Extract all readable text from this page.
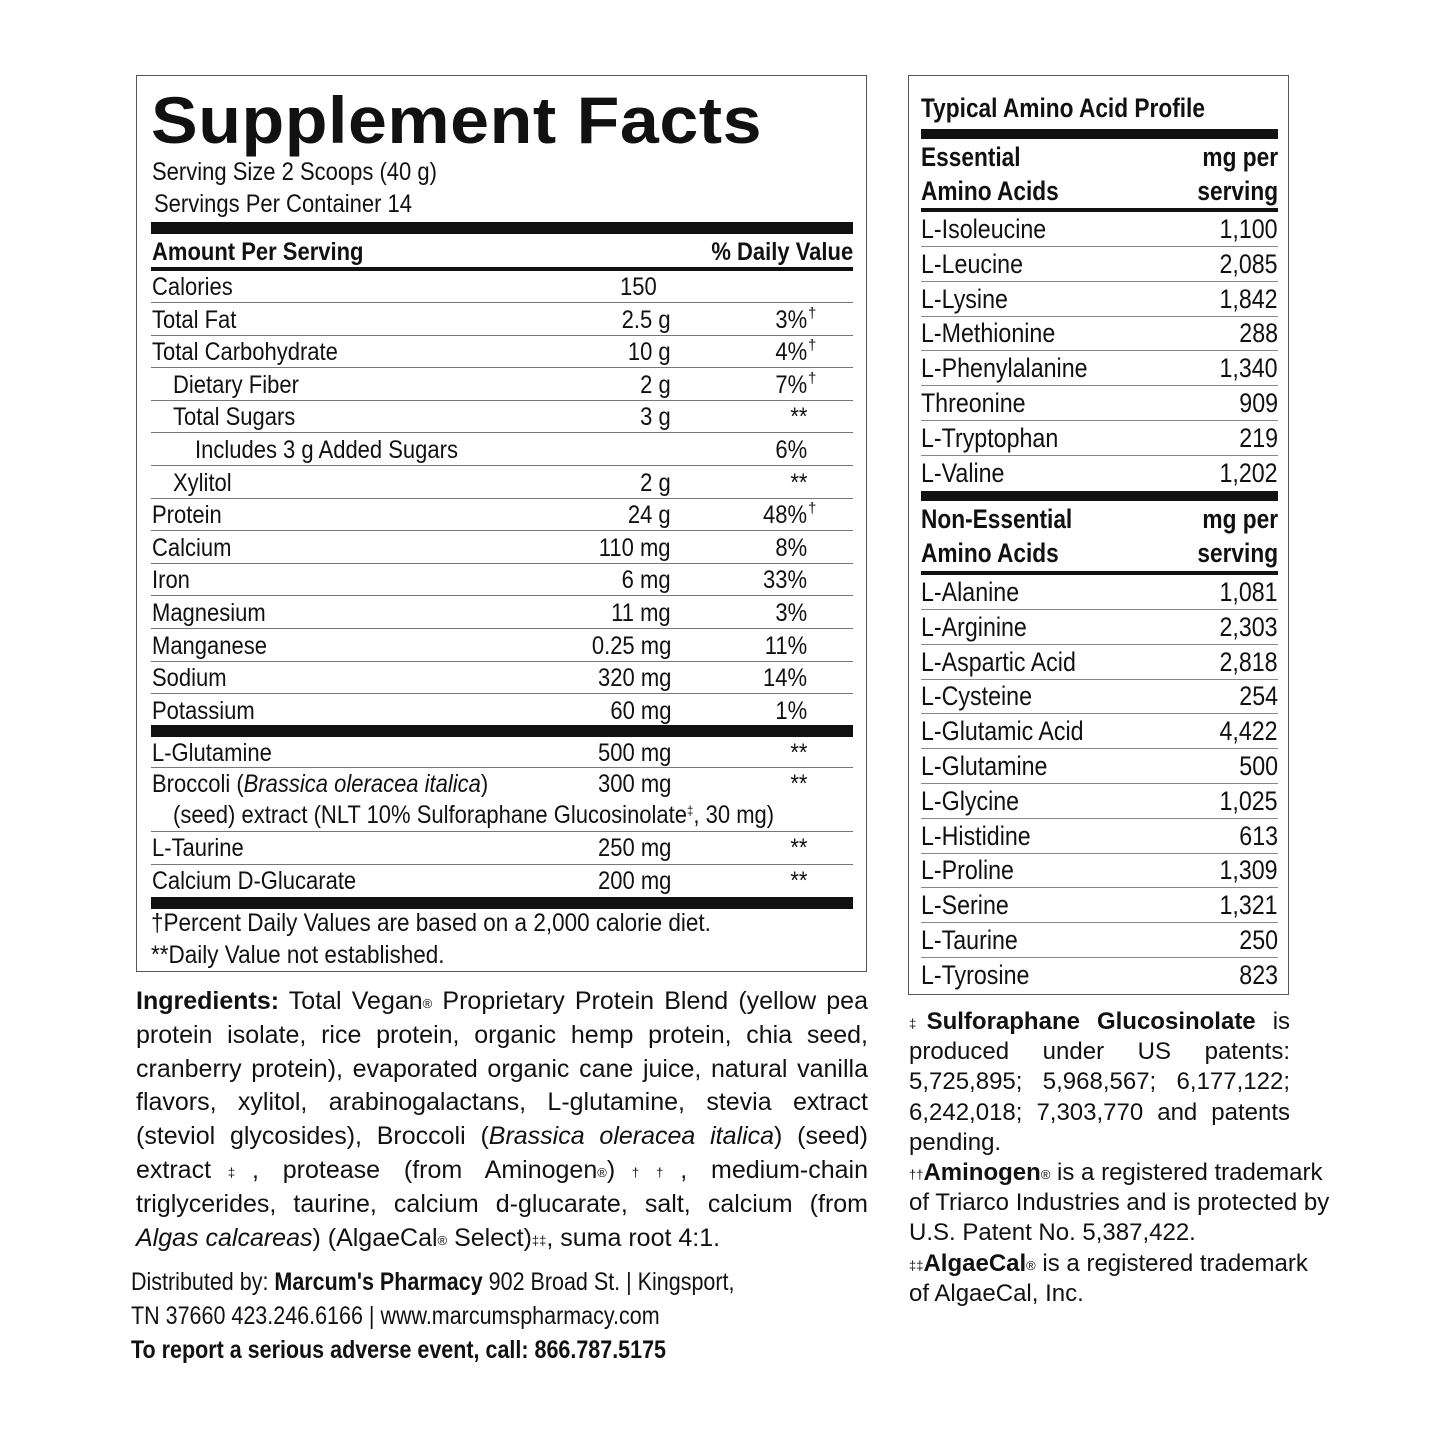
Supplement Facts
Serving Size 2 Scoops (40 g)
Servings Per Container 14
Amount Per Serving	% Daily Value
Calories	150
Total Fat	2.5 g	3% †
Total Carbohydrate	10 g	4% †
Dietary Fiber	2 g	7% †
Total Sugars	3 g	**
Includes 3 g Added Sugars	6%
Xylitol	2 g	**
Protein	24 g	48% †
Calcium	110 mg	8%
Iron	6 mg	33%
Magnesium	11 mg	3%
Manganese	0.25 mg	11%
Sodium	320 mg	14%
Potassium	60 mg	1%
L-Glutamine	500 mg	**
Broccoli (Brassica oleracea italica)	300 mg	**
(seed) extract (NLT 10% Sulforaphane Glucosinolate‡, 30 mg)
L-Taurine	250 mg	**
Calcium D-Glucarate	200 mg	**
†Percent Daily Values are based on a 2,000 calorie diet.
**Daily Value not established.
Typical Amino Acid Profile
Essential
Amino Acids
mg per
serving
L-Isoleucine	1,100
L-Leucine	2,085
L-Lysine	1,842
L-Methionine	288
L-Phenylalanine	1,340
Threonine	909
L-Tryptophan	219
L-Valine	1,202
Non-Essential
Amino Acids
mg per
serving
L-Alanine	1,081
L-Arginine	2,303
L-Aspartic Acid	2,818
L-Cysteine	254
L-Glutamic Acid	4,422
L-Glutamine	500
L-Glycine	1,025
L-Histidine	613
L-Proline	1,309
L-Serine	1,321
L-Taurine	250
L-Tyrosine	823
Ingredients: Total Vegan® Proprietary Protein Blend (yellow pea
protein isolate, rice protein, organic hemp protein, chia seed,
cranberry protein), evaporated organic cane juice, natural vanilla
flavors, xylitol, arabinogalactans, L-glutamine, stevia extract
(steviol glycosides), Broccoli (Brassica oleracea italica) (seed)
extract‡, protease (from Aminogen®)††, medium-chain
triglycerides, taurine, calcium d-glucarate, salt, calcium (from
Algas calcareas) (AlgaeCal® Select)‡‡, suma root 4:1.
Distributed by: Marcum's Pharmacy 902 Broad St. | Kingsport,
TN 37660 423.246.6166 | www.marcumspharmacy.com
To report a serious adverse event, call: 866.787.5175
‡Sulforaphane Glucosinolate is
produced under US patents:
5,725,895; 5,968,567; 6,177,122;
6,242,018; 7,303,770 and patents
pending.
††Aminogen® is a registered trademark
of Triarco Industries and is protected by
U.S. Patent No. 5,387,422.
‡‡AlgaeCal® is a registered trademark
of AlgaeCal, Inc.
